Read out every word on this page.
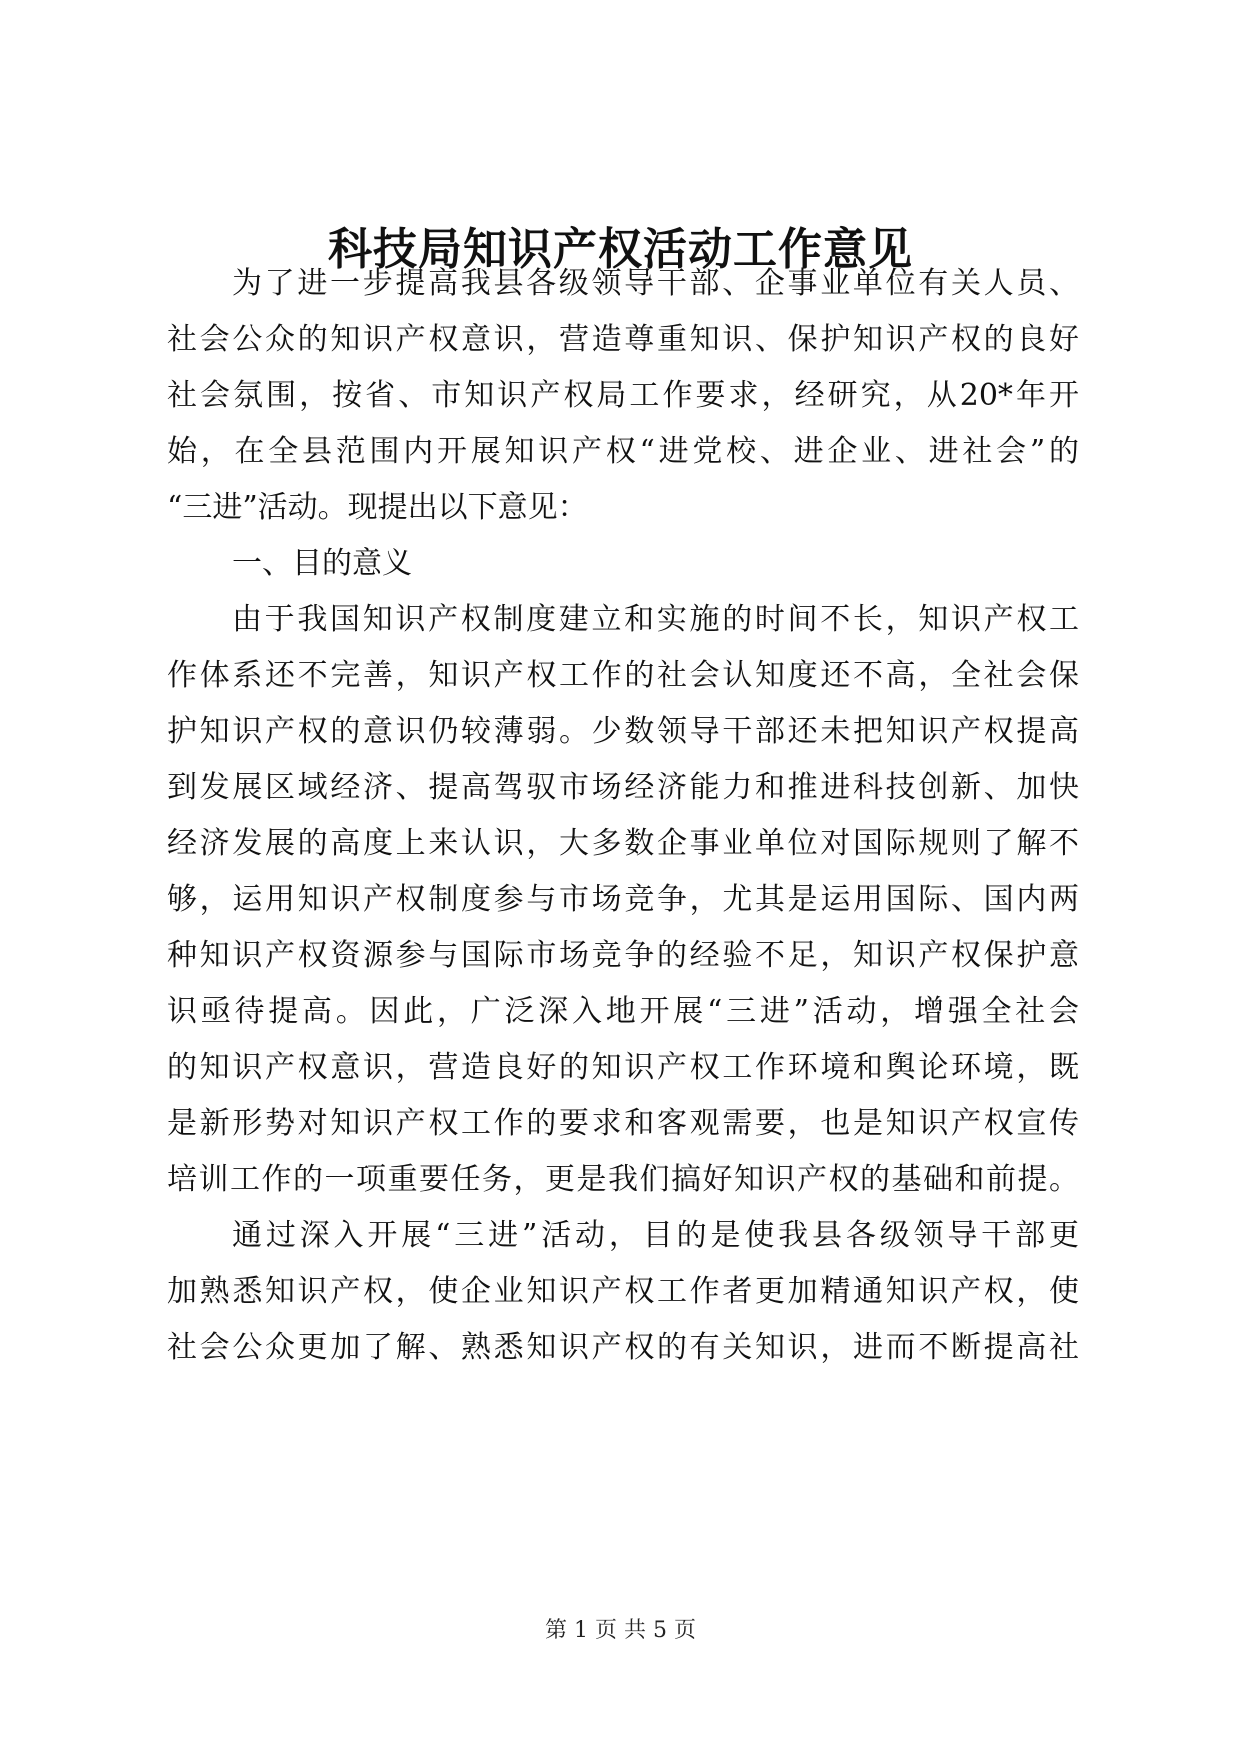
科技局知识产权活动工作意见

为了进一步提高我县各级领导干部、企事业单位有关人员、

社会公众的知识产权意识，营造尊重知识、保护知识产权的良好

社会氛围，按省、市知识产权局工作要求，经研究，从20*年开

始，在全县范围内开展知识产权“进党校、进企业、进社会”的

“三进”活动。现提出以下意见：

一、目的意义

由于我国知识产权制度建立和实施的时间不长，知识产权工

作体系还不完善，知识产权工作的社会认知度还不高，全社会保

护知识产权的意识仍较薄弱。少数领导干部还未把知识产权提高

到发展区域经济、提高驾驭市场经济能力和推进科技创新、加快

经济发展的高度上来认识，大多数企事业单位对国际规则了解不

够，运用知识产权制度参与市场竞争，尤其是运用国际、国内两

种知识产权资源参与国际市场竞争的经验不足，知识产权保护意

识亟待提高。因此，广泛深入地开展“三进”活动，增强全社会

的知识产权意识，营造良好的知识产权工作环境和舆论环境，既

是新形势对知识产权工作的要求和客观需要，也是知识产权宣传

培训工作的一项重要任务，更是我们搞好知识产权的基础和前提。

通过深入开展“三进”活动，目的是使我县各级领导干部更

加熟悉知识产权，使企业知识产权工作者更加精通知识产权，使

社会公众更加了解、熟悉知识产权的有关知识，进而不断提高社

第 1 页 共 5 页
